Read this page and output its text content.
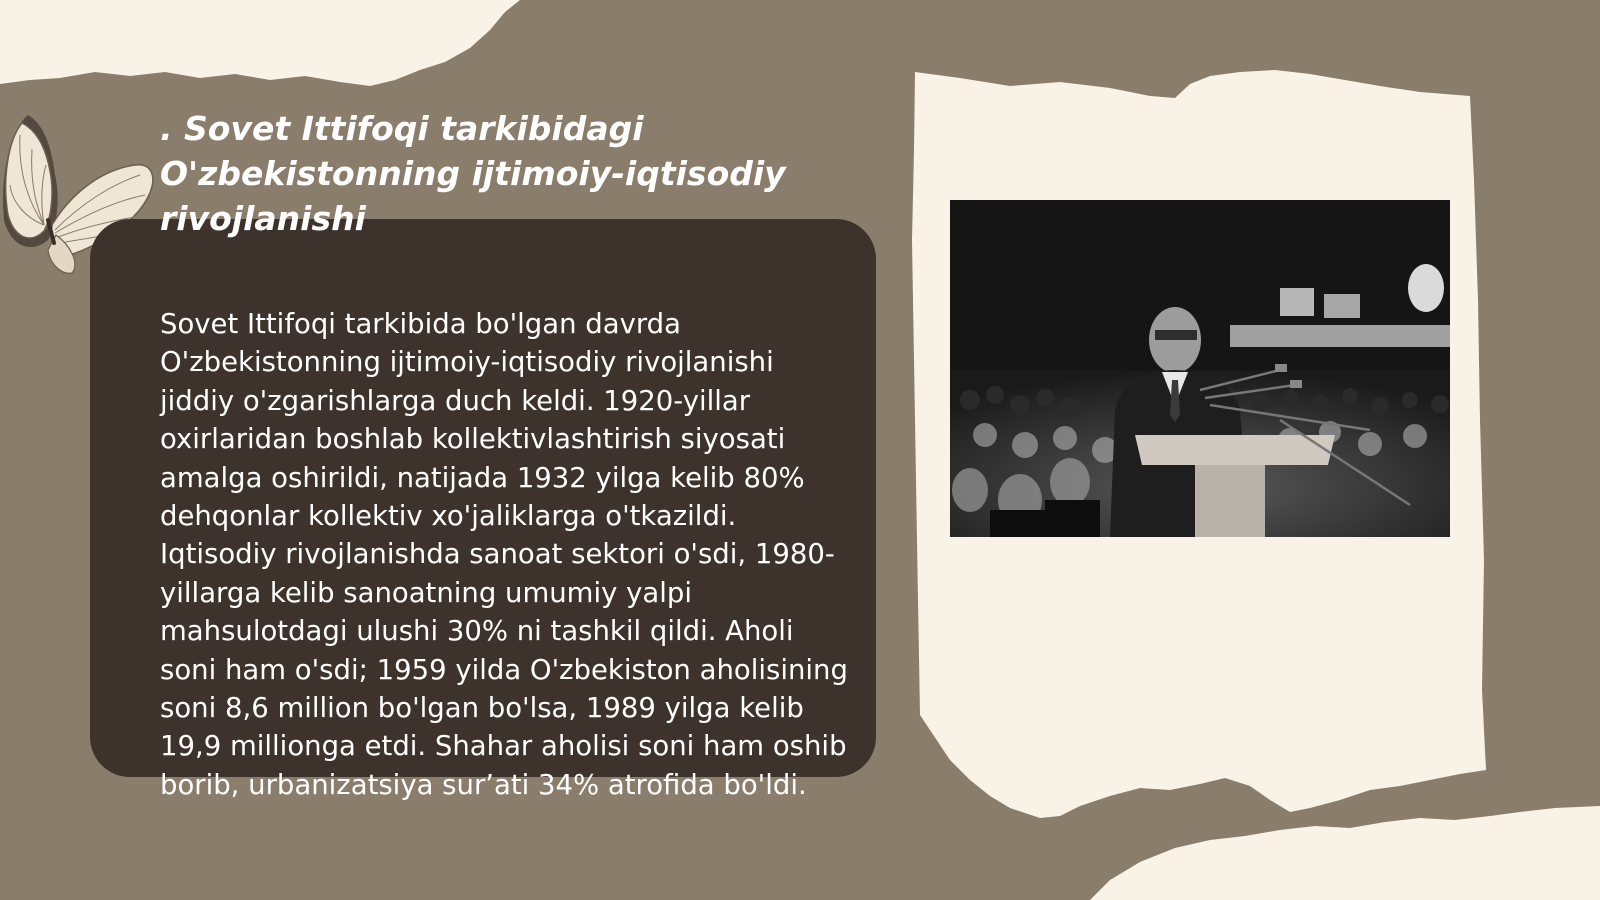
. Sovet Ittifoqi tarkibidagi O'zbekistonning ijtimoiy-iqtisodiy rivojlanishi

Sovet Ittifoqi tarkibida bo'lgan davrda O'zbekistonning ijtimoiy-iqtisodiy rivojlanishi jiddiy o'zgarishlarga duch keldi. 1920-yillar oxirlaridan boshlab kollektivlashtirish siyosati amalga oshirildi, natijada 1932 yilga kelib 80% dehqonlar kollektiv xo'jaliklarga o'tkazildi. Iqtisodiy rivojlanishda sanoat sektori o'sdi, 1980-yillarga kelib sanoatning umumiy yalpi mahsulotdagi ulushi 30% ni tashkil qildi. Aholi soni ham o'sdi; 1959 yilda O'zbekiston aholisining soni 8,6 million bo'lgan bo'lsa, 1989 yilga kelib 19,9 millionga etdi. Shahar aholisi soni ham oshib borib, urbanizatsiya sur’ati 34% atrofida bo'ldi.
